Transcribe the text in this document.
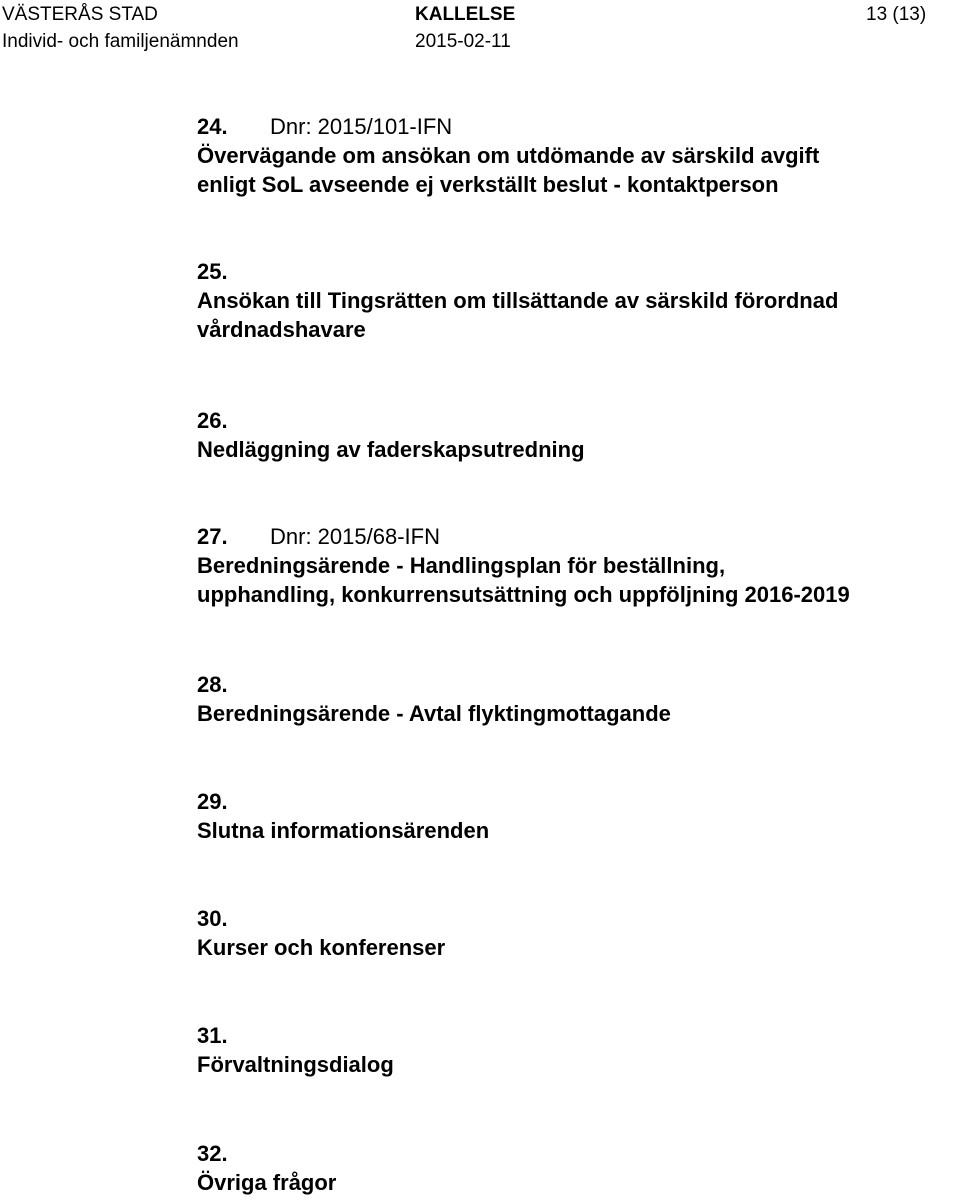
VÄSTERÅS STAD
Individ- och familjenämnden
KALLELSE
2015-02-11
13 (13)
24. Dnr: 2015/101-IFN
Övervägande om ansökan om utdömande av särskild avgift
enligt SoL avseende ej verkställt beslut - kontaktperson
25.
Ansökan till Tingsrätten om tillsättande av särskild förordnad
vårdnadshavare
26.
Nedläggning av faderskapsutredning
27. Dnr: 2015/68-IFN
Beredningsärende - Handlingsplan för beställning,
upphandling, konkurrensutsättning och uppföljning 2016-2019
28.
Beredningsärende - Avtal flyktingmottagande
29.
Slutna informationsärenden
30.
Kurser och konferenser
31.
Förvaltningsdialog
32.
Övriga frågor
